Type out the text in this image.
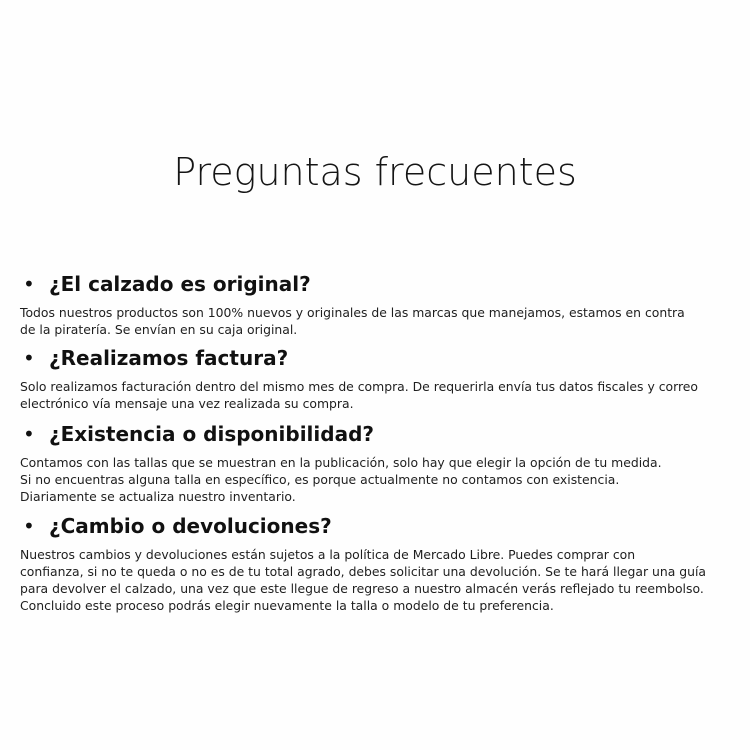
Preguntas frecuentes
• ¿El calzado es original?
Todos nuestros productos son 100% nuevos y originales de las marcas que manejamos, estamos en contra
de la piratería. Se envían en su caja original.
• ¿Realizamos factura?
Solo realizamos facturación dentro del mismo mes de compra. De requerirla envía tus datos fiscales y correo
electrónico vía mensaje una vez realizada su compra.
• ¿Existencia o disponibilidad?
Contamos con las tallas que se muestran en la publicación, solo hay que elegir la opción de tu medida.
Si no encuentras alguna talla en específico, es porque actualmente no contamos con existencia.
Diariamente se actualiza nuestro inventario.
• ¿Cambio o devoluciones?
Nuestros cambios y devoluciones están sujetos a la política de Mercado Libre. Puedes comprar con
confianza, si no te queda o no es de tu total agrado, debes solicitar una devolución. Se te hará llegar una guía
para devolver el calzado, una vez que este llegue de regreso a nuestro almacén verás reflejado tu reembolso.
Concluido este proceso podrás elegir nuevamente la talla o modelo de tu preferencia.
